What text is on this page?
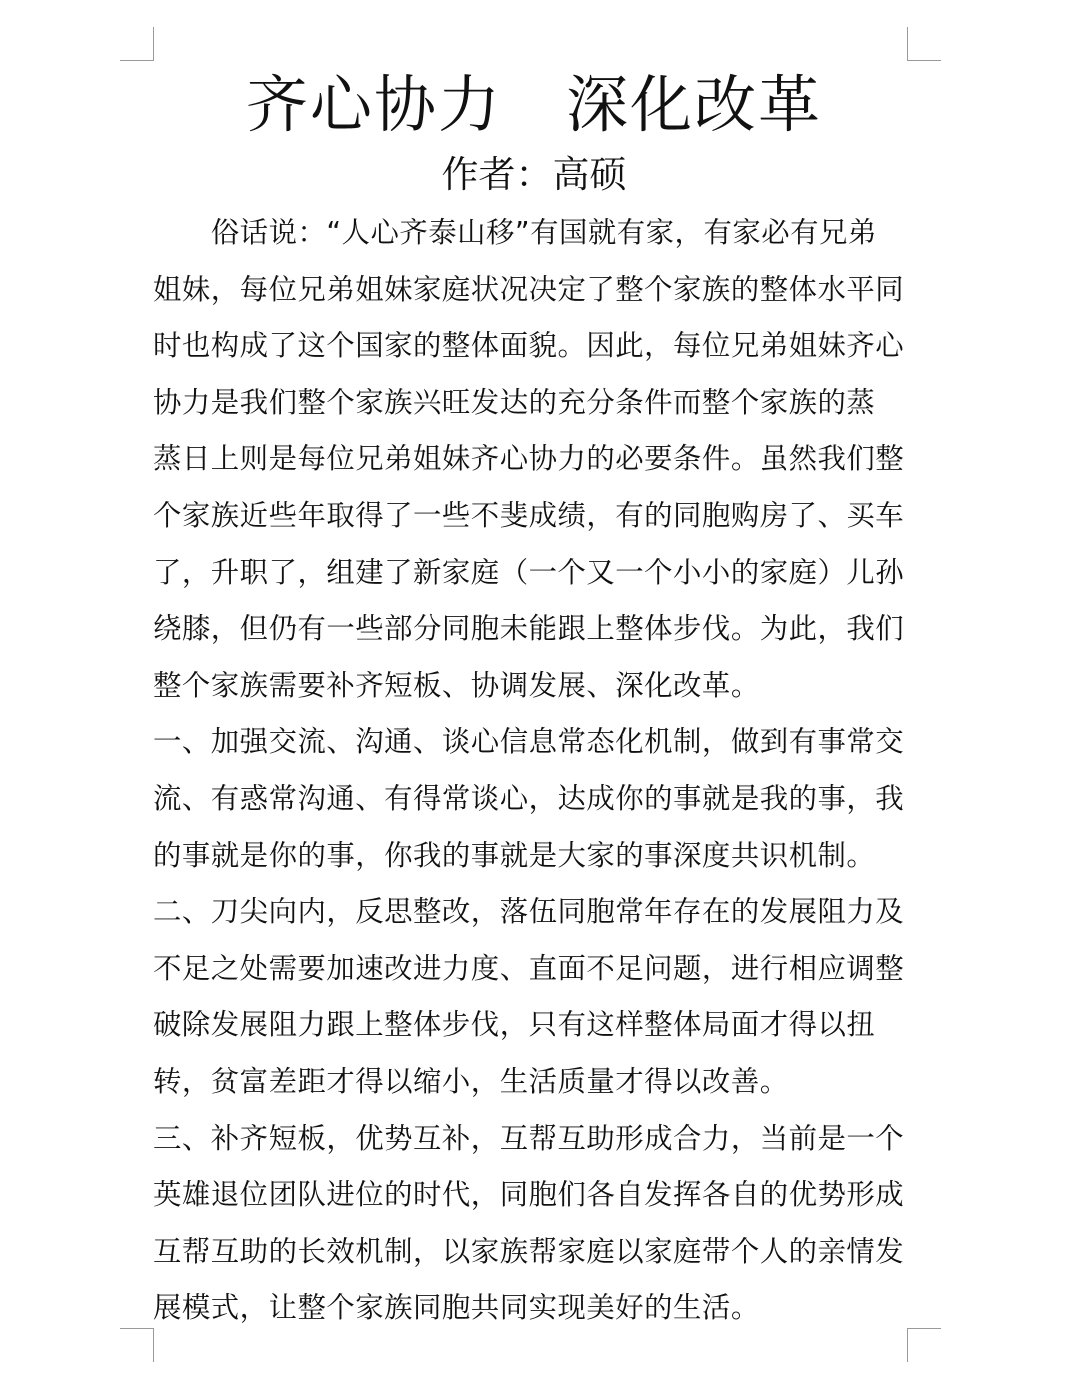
齐心协力　深化改革
作者：高硕
　　俗话说：“人心齐泰山移”有国就有家，有家必有兄弟
姐妹，每位兄弟姐妹家庭状况决定了整个家族的整体水平同
时也构成了这个国家的整体面貌。因此，每位兄弟姐妹齐心
协力是我们整个家族兴旺发达的充分条件而整个家族的蒸
蒸日上则是每位兄弟姐妹齐心协力的必要条件。虽然我们整
个家族近些年取得了一些不斐成绩，有的同胞购房了、买车
了，升职了，组建了新家庭（一个又一个小小的家庭）儿孙
绕膝，但仍有一些部分同胞未能跟上整体步伐。为此，我们
整个家族需要补齐短板、协调发展、深化改革。
一、加强交流、沟通、谈心信息常态化机制，做到有事常交
流、有惑常沟通、有得常谈心，达成你的事就是我的事，我
的事就是你的事，你我的事就是大家的事深度共识机制。
二、刀尖向内，反思整改，落伍同胞常年存在的发展阻力及
不足之处需要加速改进力度、直面不足问题，进行相应调整
破除发展阻力跟上整体步伐，只有这样整体局面才得以扭
转，贫富差距才得以缩小，生活质量才得以改善。
三、补齐短板，优势互补，互帮互助形成合力，当前是一个
英雄退位团队进位的时代，同胞们各自发挥各自的优势形成
互帮互助的长效机制，以家族帮家庭以家庭带个人的亲情发
展模式，让整个家族同胞共同实现美好的生活。
